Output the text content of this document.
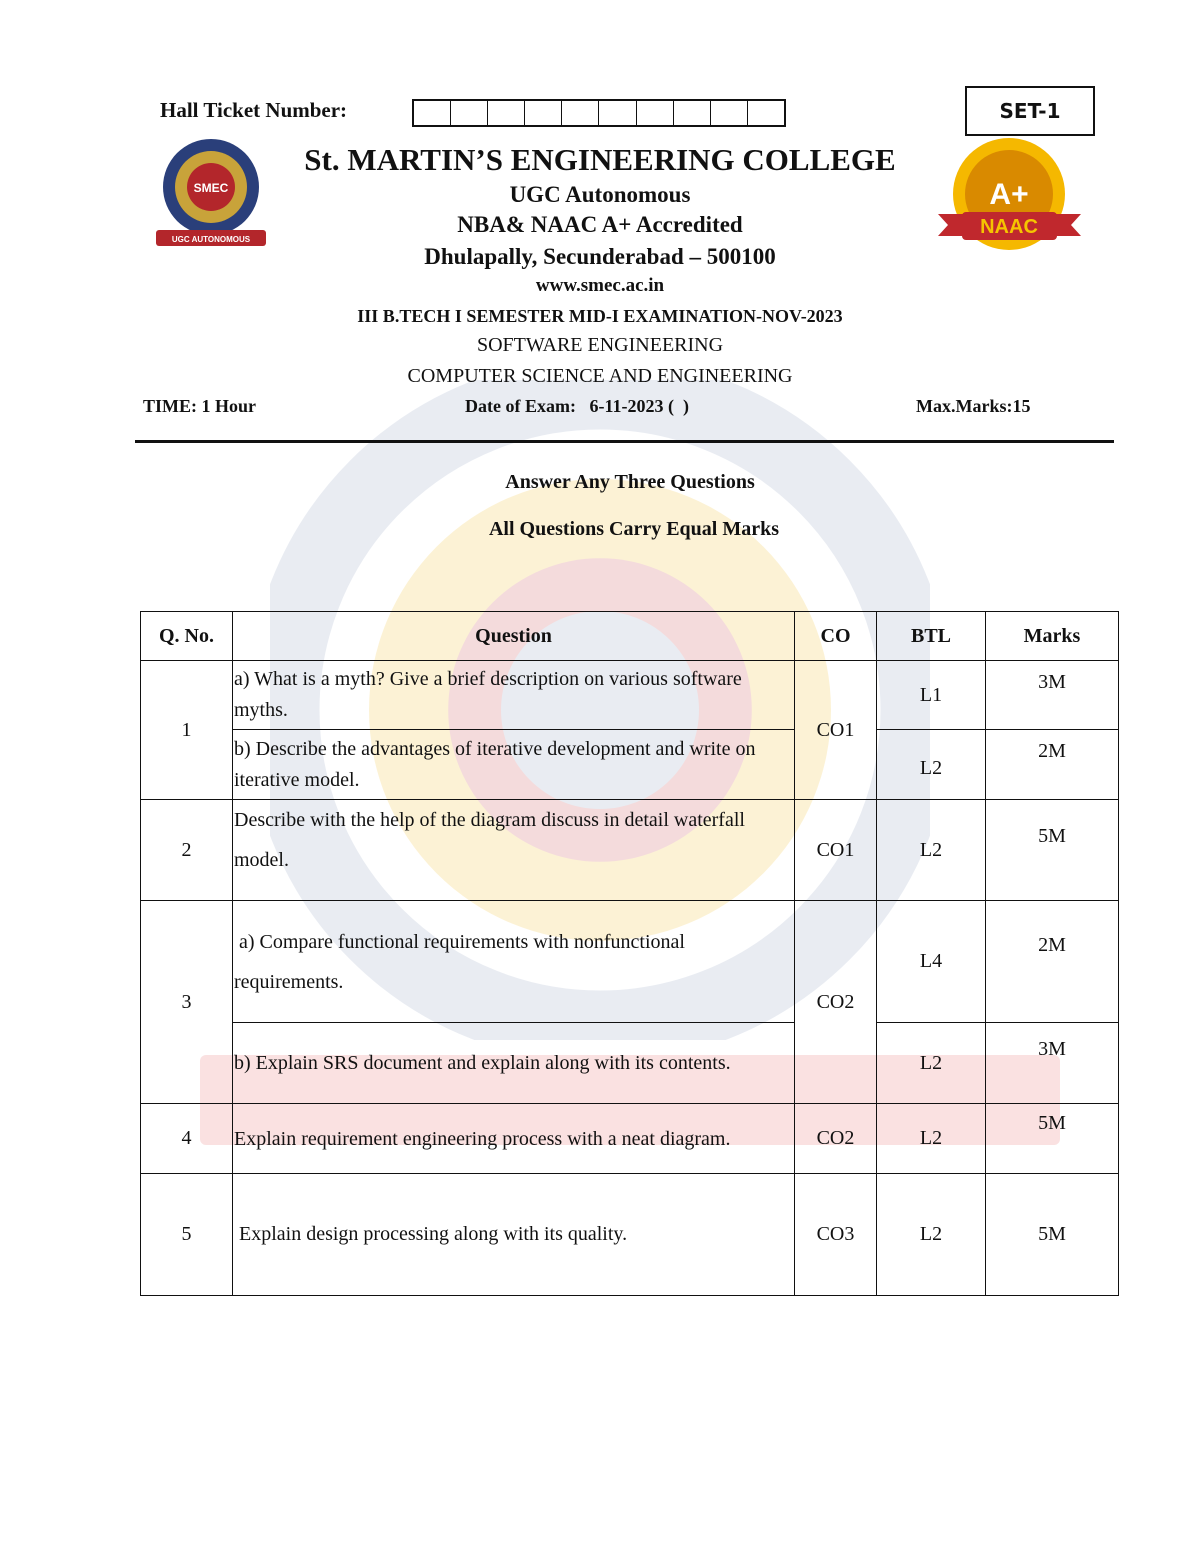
Hall Ticket Number:	SET-1
SMEC
UGC AUTONOMOUS
A+
NAAC
St. MARTIN’S ENGINEERING COLLEGE
UGC Autonomous
NBA& NAAC A+ Accredited
Dhulapally, Secunderabad – 500100
www.smec.ac.in
III B.TECH I SEMESTER MID-I EXAMINATION-NOV-2023
SOFTWARE ENGINEERING
COMPUTER SCIENCE AND ENGINEERING
TIME: 1 Hour	Date of Exam:   6-11-2023 (  )	Max.Marks:15
Answer Any Three Questions
All Questions Carry Equal Marks
Q. No.	Question	CO	BTL	Marks
1	a) What is a myth? Give a brief description on various software myths.	CO1	L1	3M
	b) Describe the advantages of iterative development and write on iterative model.		L2	2M
2	Describe with the help of the diagram discuss in detail waterfall model.	CO1	L2	5M
3	a) Compare functional requirements with nonfunctional requirements.	CO2	L4	2M
	b) Explain SRS document and explain along with its contents.		L2	3M
4	Explain requirement engineering process with a neat diagram.	CO2	L2	5M
5	Explain design processing along with its quality.	CO3	L2	5M
